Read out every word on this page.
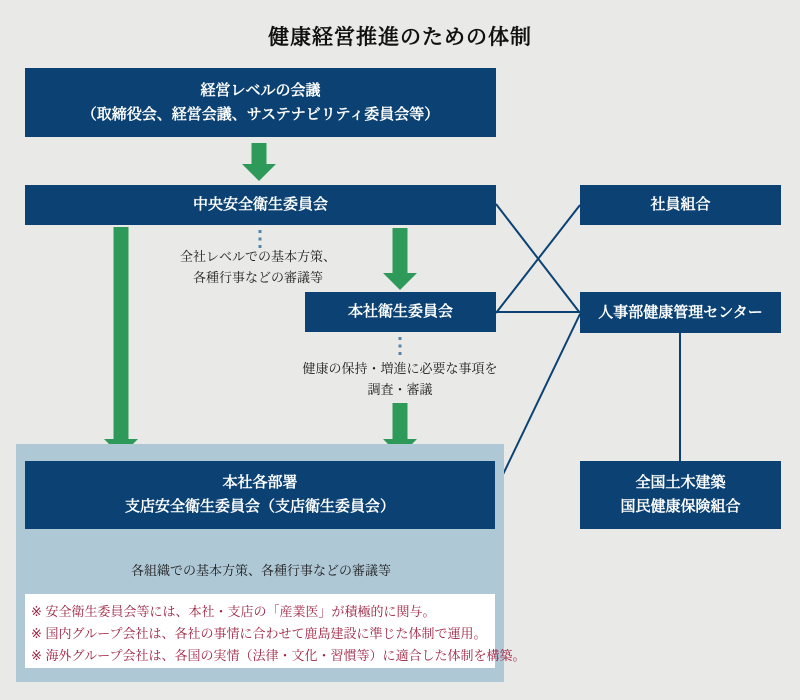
健康経営推進のための体制
経営レベルの会議
（取締役会、経営会議、サステナビリティ委員会等）
中央安全衛生委員会	社員組合
全社レベルでの基本方策、
各種行事などの審議等
本社衛生委員会	人事部健康管理センター
健康の保持・増進に必要な事項を
調査・審議
本社各部署
支店安全衛生委員会（支店衛生委員会）
各組織での基本方策、各種行事などの審議等
※ 安全衛生委員会等には、本社・支店の「産業医」が積極的に関与。
※ 国内グループ会社は、各社の事情に合わせて鹿島建設に準じた体制で運用。
※ 海外グループ会社は、各国の実情（法律・文化・習慣等）に適合した体制を構築。
全国土木建築
国民健康保険組合
